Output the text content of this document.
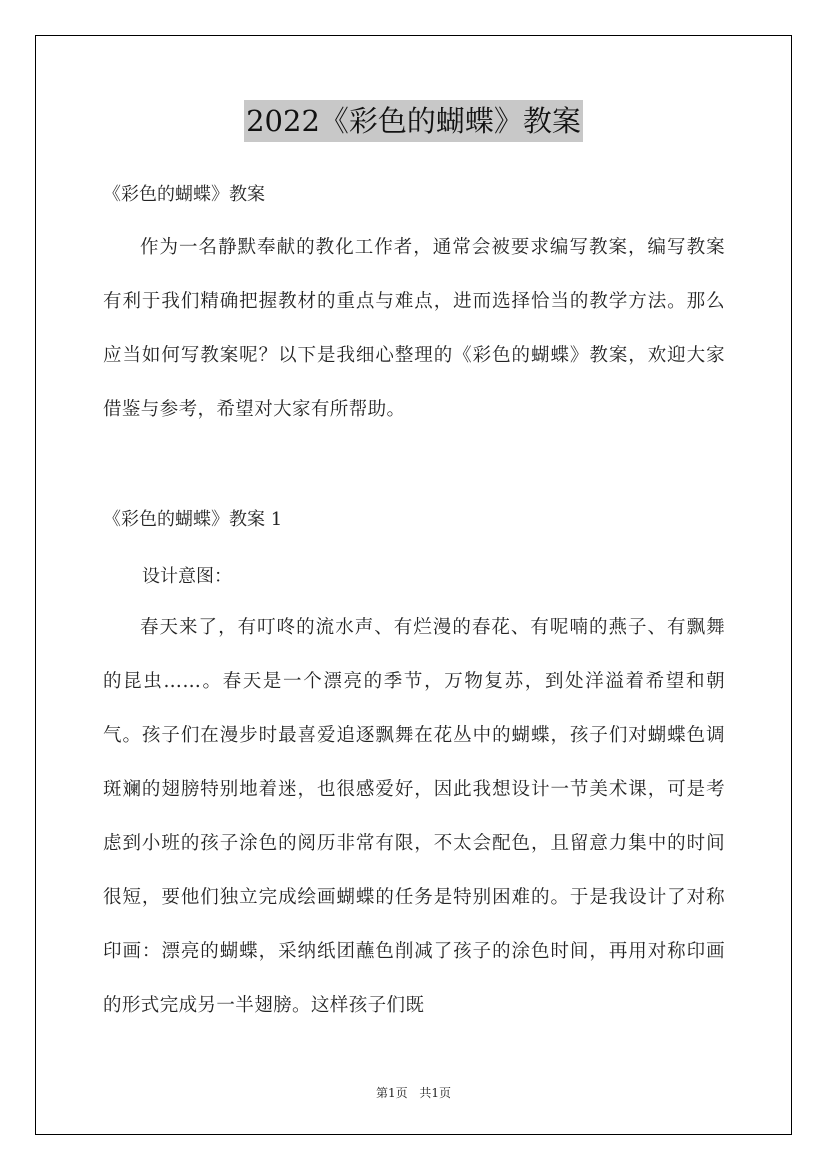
2022《彩色的蝴蝶》教案
《彩色的蝴蝶》教案

作为一名静默奉献的教化工作者，通常会被要求编写教案，编写教案有利于我们精确把握教材的重点与难点，进而选择恰当的教学方法。那么应当如何写教案呢？以下是我细心整理的《彩色的蝴蝶》教案，欢迎大家借鉴与参考，希望对大家有所帮助。

《彩色的蝴蝶》教案 1
设计意图：

春天来了，有叮咚的流水声、有烂漫的春花、有呢喃的燕子、有飘舞的昆虫……。春天是一个漂亮的季节，万物复苏，到处洋溢着希望和朝气。孩子们在漫步时最喜爱追逐飘舞在花丛中的蝴蝶，孩子们对蝴蝶色调斑斓的翅膀特别地着迷，也很感爱好，因此我想设计一节美术课，可是考虑到小班的孩子涂色的阅历非常有限，不太会配色，且留意力集中的时间很短，要他们独立完成绘画蝴蝶的任务是特别困难的。于是我设计了对称印画：漂亮的蝴蝶，采纳纸团蘸色削减了孩子的涂色时间，再用对称印画的形式完成另一半翅膀。这样孩子们既

第1页 共1页
